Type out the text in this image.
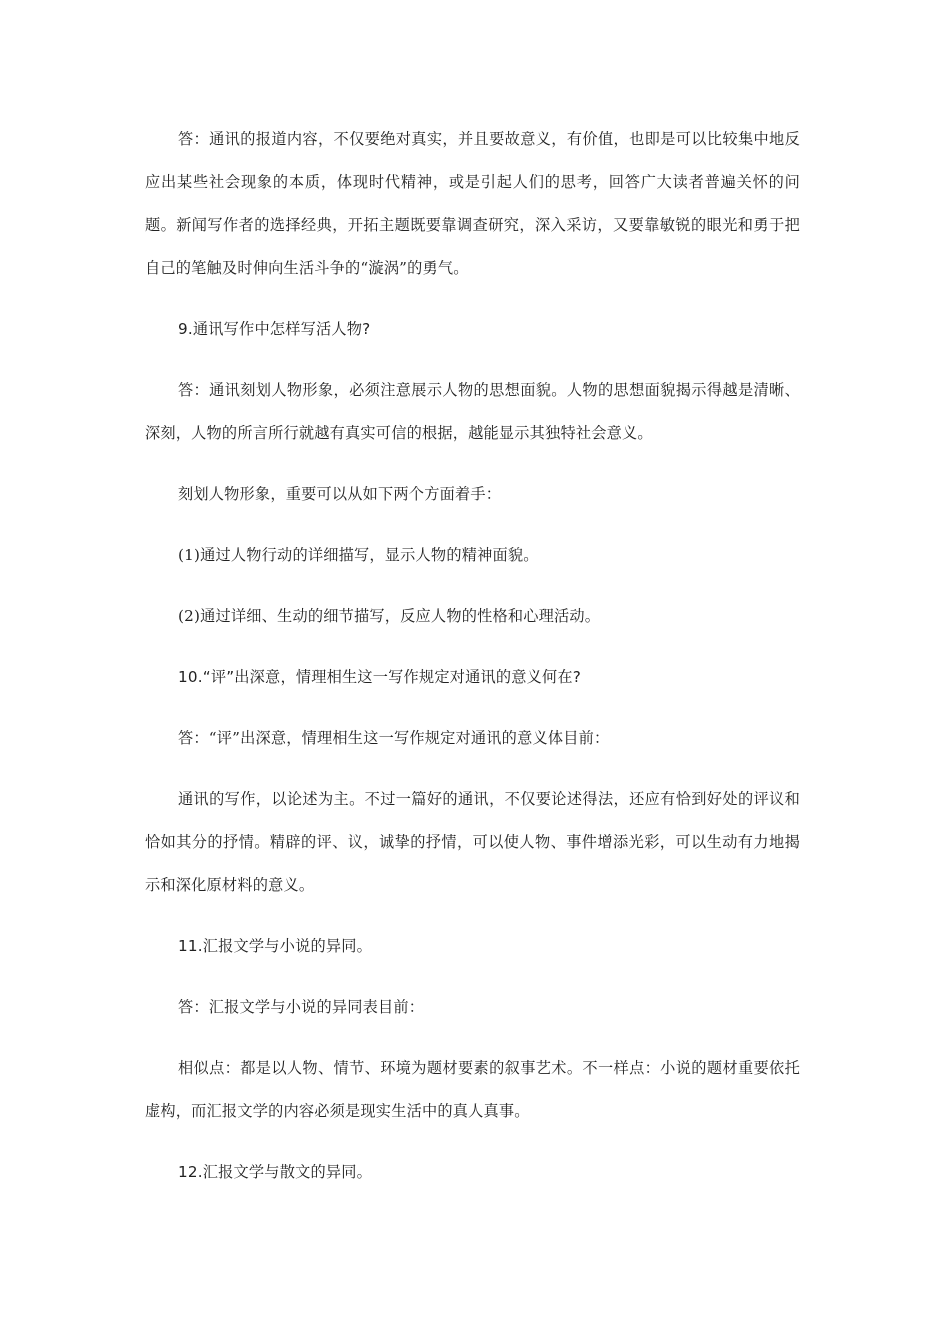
答：通讯的报道内容，不仅要绝对真实，并且要故意义，有价值，也即是可以比较集中地反应出某些社会现象的本质，体现时代精神，或是引起人们的思考，回答广大读者普遍关怀的问题。新闻写作者的选择经典，开拓主题既要靠调查研究，深入采访，又要靠敏锐的眼光和勇于把自己的笔触及时伸向生活斗争的“漩涡”的勇气。

9.通讯写作中怎样写活人物?

答：通讯刻划人物形象，必须注意展示人物的思想面貌。人物的思想面貌揭示得越是清晰、深刻，人物的所言所行就越有真实可信的根据，越能显示其独特社会意义。

刻划人物形象，重要可以从如下两个方面着手：

(1)通过人物行动的详细描写，显示人物的精神面貌。

(2)通过详细、生动的细节描写，反应人物的性格和心理活动。

10.“评”出深意，情理相生这一写作规定对通讯的意义何在?

答：“评”出深意，情理相生这一写作规定对通讯的意义体目前：

通讯的写作，以论述为主。不过一篇好的通讯，不仅要论述得法，还应有恰到好处的评议和恰如其分的抒情。精辟的评、议，诚挚的抒情，可以使人物、事件增添光彩，可以生动有力地揭示和深化原材料的意义。

11.汇报文学与小说的异同。

答：汇报文学与小说的异同表目前：

相似点：都是以人物、情节、环境为题材要素的叙事艺术。不一样点：小说的题材重要依托虚构，而汇报文学的内容必须是现实生活中的真人真事。

12.汇报文学与散文的异同。
